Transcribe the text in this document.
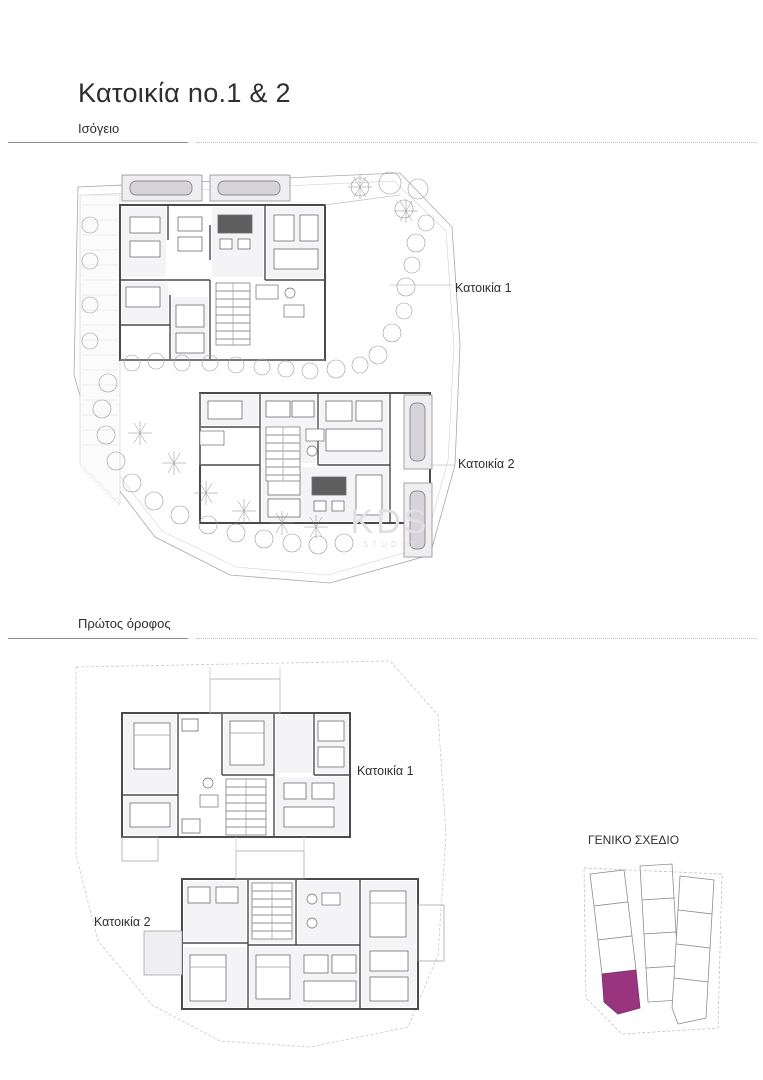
Κατοικία no.1 & 2
Ισόγειο
Κατοικία 1
Κατοικία 2
KDS
STUDIO
Πρώτος όροφος
Κατοικία 1
Κατοικία 2
ΓΕΝΙΚΟ ΣΧΕΔΙΟ
